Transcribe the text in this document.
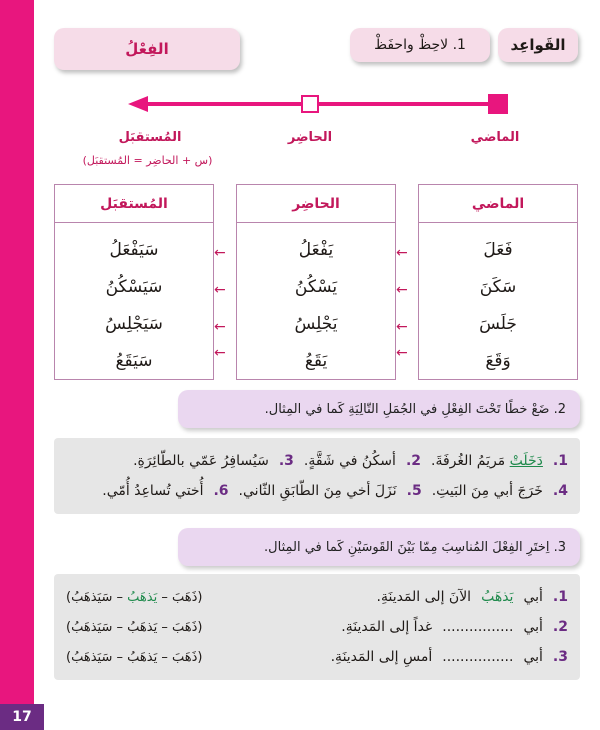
17
الفِعْلُ	1. لاحِظْ واحفَظْ	القَواعِد
الماضي
الحاضِر
المُستقبَل
(س + الحاضِر = المُستقبَل)
الماضي
فَعَلَ
سَكَنَ
جَلَسَ
وَقَعَ
الحاضِر
يَفْعَلُ
يَسْكُنُ
يَجْلِسُ
يَقَعُ
المُستقبَل
سَيَفْعَلُ
سَيَسْكُنُ
سَيَجْلِسُ
سَيَقَعُ
←
←
←
←
←
←
←
←
2. ضَعْ خطًا تَحْتَ الفِعْلِ في الجُمَلِ التّالِيَةِ كَما في المِثال.
1.
دَخَلَتْ مَريَمُ الغُرفَةَ.
2.
أسكُنُ في شَقَّةٍ.
3.
سَيُسافِرُ عَمّي بالطّائِرَةِ.
4.
خَرَجَ أبي مِنَ البَيتِ.
5.
نَزَلَ أخي مِنَ الطّابَقِ الثّاني.
6.
أُختي تُساعِدُ أُمّي.
3. اِختَرِ الفِعْلَ المُناسِبَ مِمّا بَيْنَ القَوسَيْنِ كَما في المِثال.
1.
أبي
يَذهَبُ
الآنَ إلى المَدينَةِ.
(ذَهَبَ – يَذهَبُ – سَيَذهَبُ)
2.
أبي
................
غداً إلى المَدينَةِ.
(ذَهَبَ – يَذهَبُ – سَيَذهَبُ)
3.
أبي
................
أمسِ إلى المَدينَةِ.
(ذَهَبَ – يَذهَبُ – سَيَذهَبُ)
